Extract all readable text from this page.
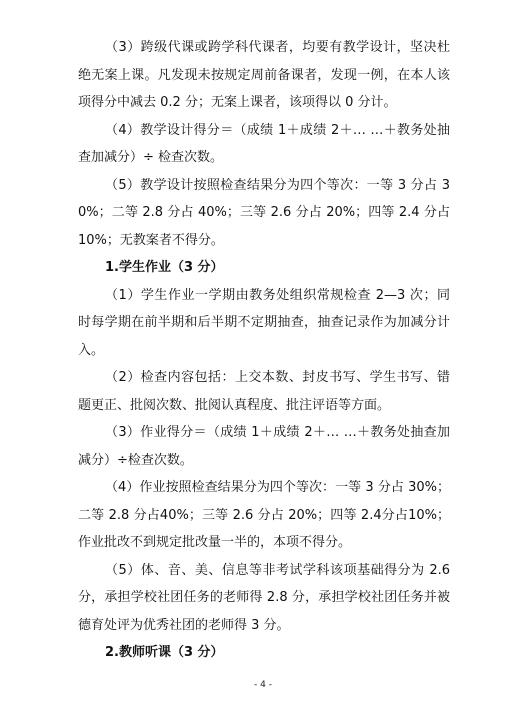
（3）跨级代课或跨学科代课者，均要有教学设计，坚决杜绝无案上课。凡发现未按规定周前备课者，发现一例，在本人该项得分中减去 0.2 分；无案上课者，该项得以 0 分计。

（4）教学设计得分＝（成绩 1＋成绩 2＋… …＋教务处抽查加减分）÷ 检查次数。

（5）教学设计按照检查结果分为四个等次：一等 3 分占 30%；二等 2.8 分占 40%；三等 2.6 分占 20%；四等 2.4 分占 10%；无教案者不得分。

1.学生作业（3 分）

（1）学生作业一学期由教务处组织常规检查 2—3 次；同时每学期在前半期和后半期不定期抽查，抽查记录作为加减分计入。

（2）检查内容包括：上交本数、封皮书写、学生书写、错题更正、批阅次数、批阅认真程度、批注评语等方面。

（3）作业得分＝（成绩 1＋成绩 2＋… …＋教务处抽查加减分）÷检查次数。

（4）作业按照检查结果分为四个等次：一等 3 分占 30%；二等 2.8 分占40%；三等 2.6 分占 20%；四等 2.4分占10%；作业批改不到规定批改量一半的，本项不得分。

（5）体、音、美、信息等非考试学科该项基础得分为 2.6 分，承担学校社团任务的老师得 2.8 分，承担学校社团任务并被德育处评为优秀社团的老师得 3 分。

2.教师听课（3 分）

- 4 -
